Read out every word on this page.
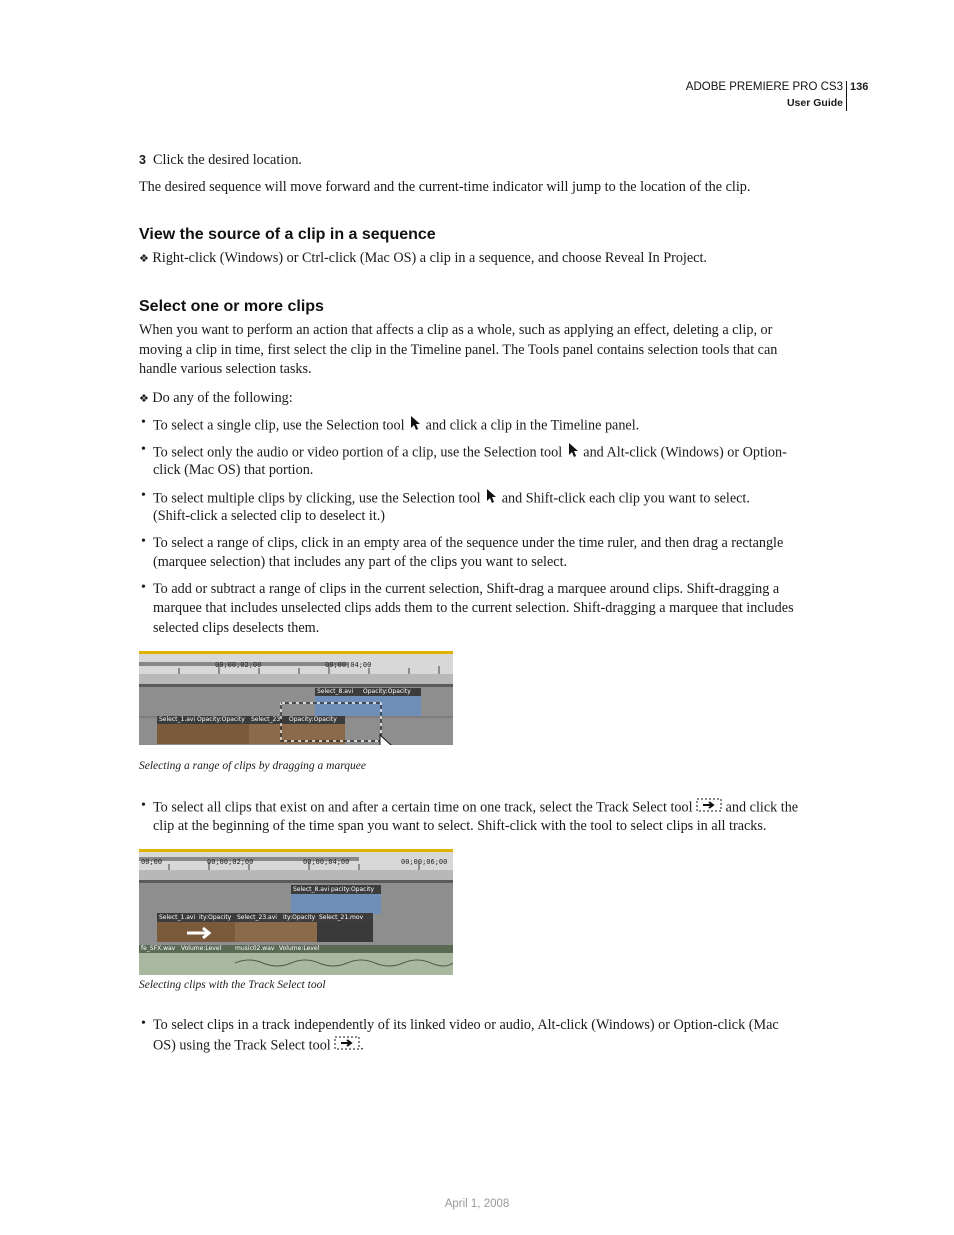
ADOBE PREMIERE PRO CS3
User Guide
136
3 Click the desired location.
The desired sequence will move forward and the current-time indicator will jump to the location of the clip.
View the source of a clip in a sequence
❖ Right-click (Windows) or Ctrl-click (Mac OS) a clip in a sequence, and choose Reveal In Project.
Select one or more clips
When you want to perform an action that affects a clip as a whole, such as applying an effect, deleting a clip, or
moving a clip in time, first select the clip in the Timeline panel. The Tools panel contains selection tools that can
handle various selection tasks.
❖ Do any of the following:
• To select a single clip, use the Selection tool and click a clip in the Timeline panel.
• To select only the audio or video portion of a clip, use the Selection tool and Alt-click (Windows) or Option-
click (Mac OS) that portion.
• To select multiple clips by clicking, use the Selection tool and Shift-click each clip you want to select.
(Shift-click a selected clip to deselect it.)
• To select a range of clips, click in an empty area of the sequence under the time ruler, and then drag a rectangle
(marquee selection) that includes any part of the clips you want to select.
• To add or subtract a range of clips in the current selection, Shift-drag a marquee around clips. Shift-dragging a
marquee that includes unselected clips adds them to the current selection. Shift-dragging a marquee that includes
selected clips deselects them.
00;00;02;00	00;00;04;00
Select_8.avi Opacity:Opacity
Select_1.avi Opacity:Opacity Select_23 Opacity:Opacity
Selecting a range of clips by dragging a marquee
• To select all clips that exist on and after a certain time on one track, select the Track Select tool and click the
clip at the beginning of the time span you want to select. Shift-click with the tool to select clips in all tracks.
00;00	00;00;02;00	00;00;04;00	00;00;06;00
Select_8.avi pacity:Opacity
Select_1.avi ity:Opacity Select_23.avi ity:Opacity Select_21.mov
fe_SFX.wav Volume:Level music02.wav Volume:Level
Selecting clips with the Track Select tool
• To select clips in a track independently of its linked video or audio, Alt-click (Windows) or Option-click (Mac
OS) using the Track Select tool .
April 1, 2008
